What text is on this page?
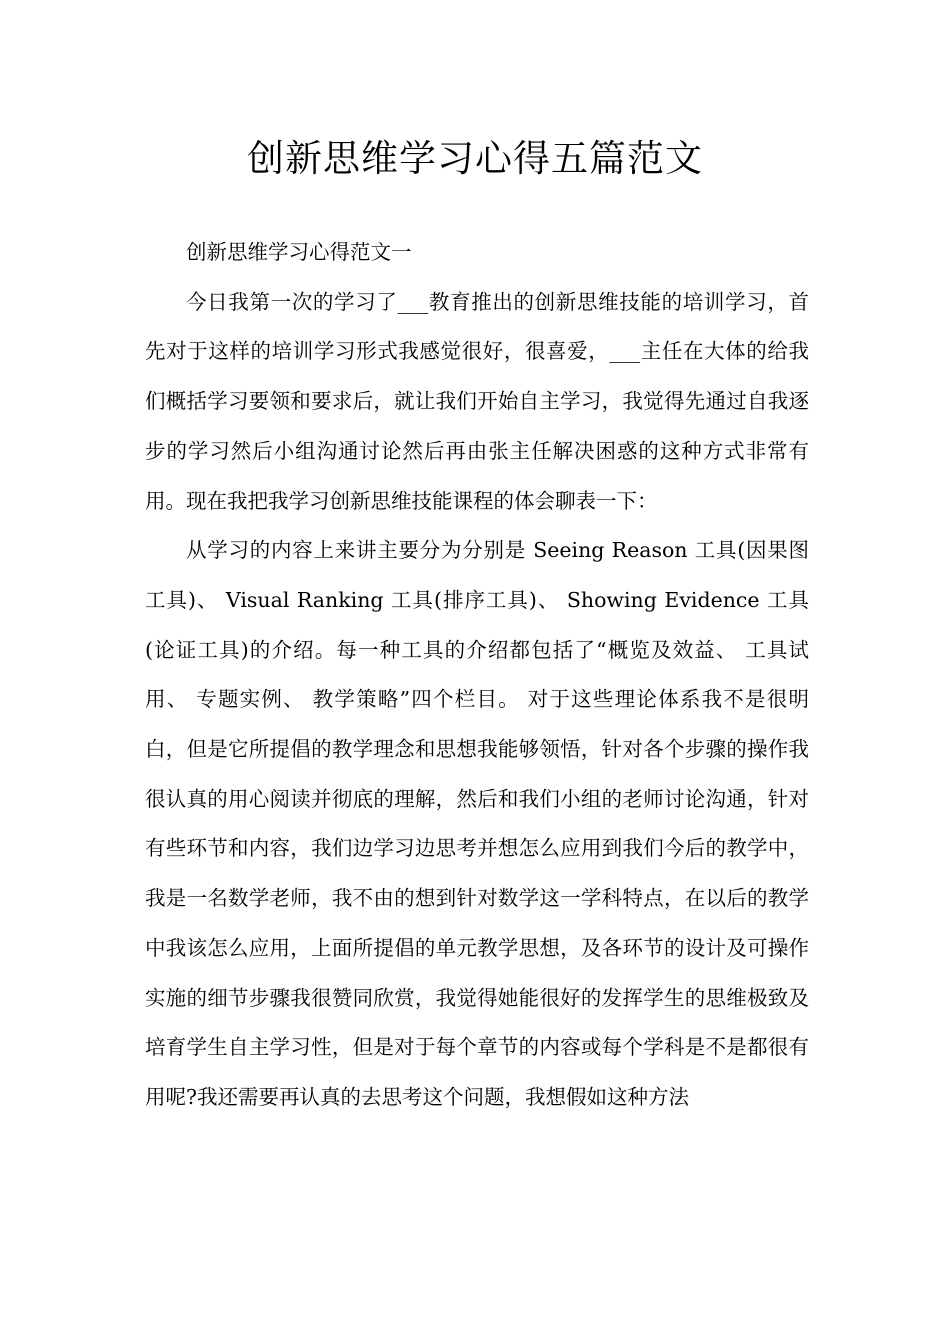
创新思维学习心得五篇范文

创新思维学习心得范文一

今日我第一次的学习了___教育推出的创新思维技能的培训学习，首先对于这样的培训学习形式我感觉很好，很喜爱，___主任在大体的给我们概括学习要领和要求后，就让我们开始自主学习，我觉得先通过自我逐步的学习然后小组沟通讨论然后再由张主任解决困惑的这种方式非常有用。现在我把我学习创新思维技能课程的体会聊表一下：

从学习的内容上来讲主要分为分别是 Seeing Reason 工具(因果图工具)、 Visual Ranking 工具(排序工具)、 Showing Evidence 工具(论证工具)的介绍。每一种工具的介绍都包括了“概览及效益、 工具试用、 专题实例、 教学策略”四个栏目。 对于这些理论体系我不是很明白，但是它所提倡的教学理念和思想我能够领悟，针对各个步骤的操作我很认真的用心阅读并彻底的理解，然后和我们小组的老师讨论沟通，针对有些环节和内容，我们边学习边思考并想怎么应用到我们今后的教学中，我是一名数学老师，我不由的想到针对数学这一学科特点，在以后的教学中我该怎么应用，上面所提倡的单元教学思想，及各环节的设计及可操作实施的细节步骤我很赞同欣赏，我觉得她能很好的发挥学生的思维极致及培育学生自主学习性，但是对于每个章节的内容或每个学科是不是都很有用呢?我还需要再认真的去思考这个问题，我想假如这种方法
